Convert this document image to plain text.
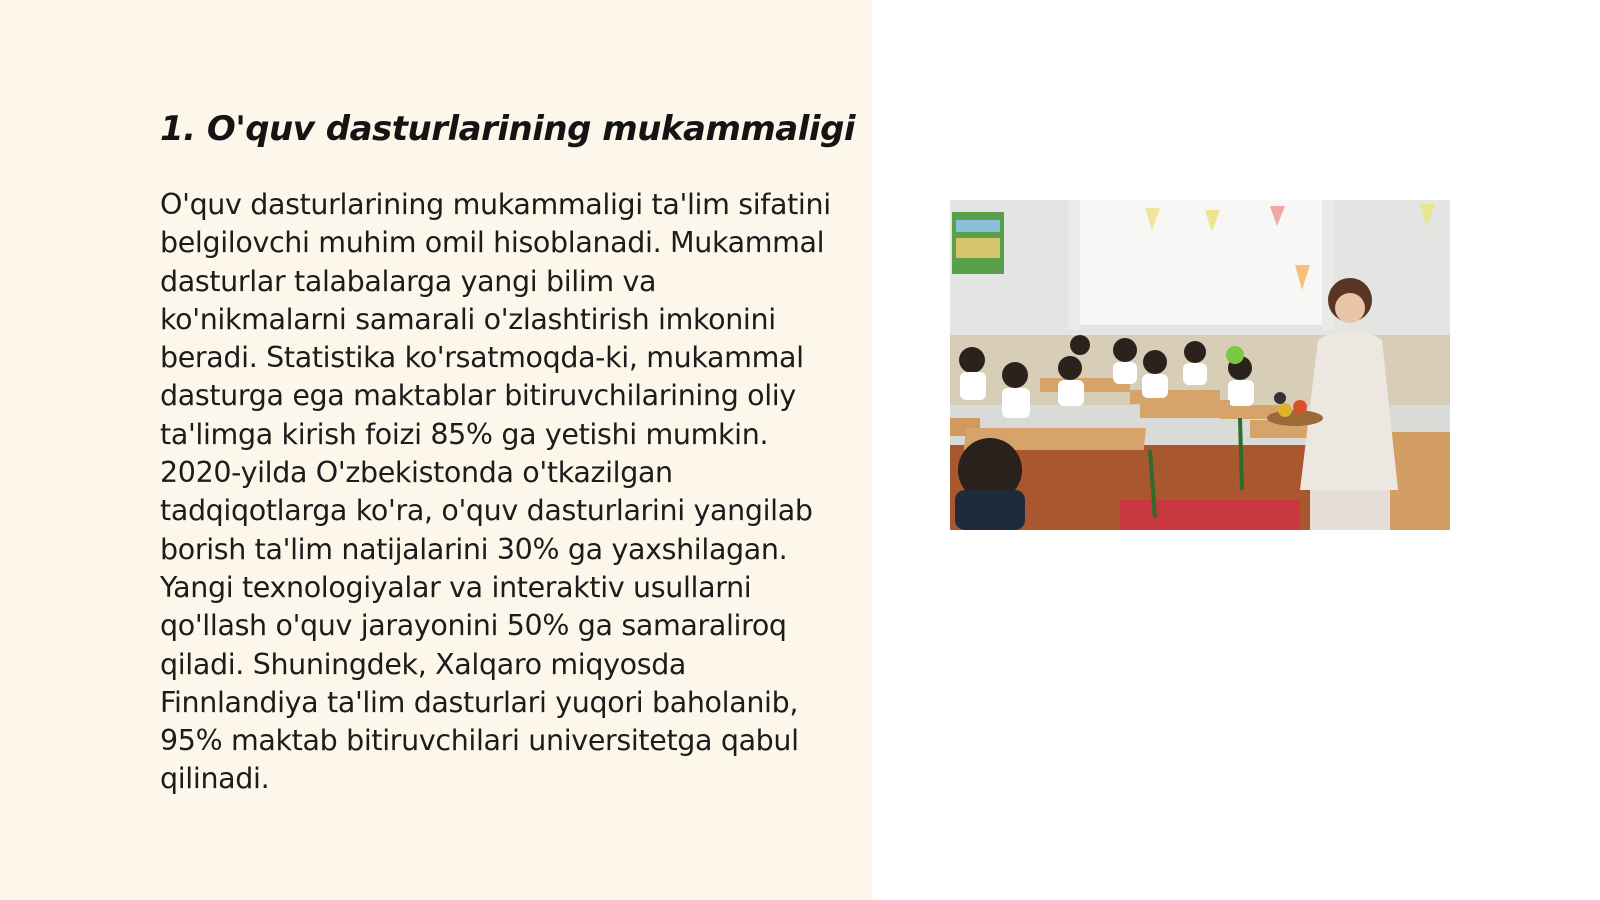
1. O'quv dasturlarining mukammaligi

O'quv dasturlarining mukammaligi ta'lim sifatini belgilovchi muhim omil hisoblanadi. Mukammal dasturlar talabalarga yangi bilim va ko'nikmalarni samarali o'zlashtirish imkonini beradi. Statistika ko'rsatmoqda-ki, mukammal dasturga ega maktablar bitiruvchilarining oliy ta'limga kirish foizi 85% ga yetishi mumkin. 2020-yilda O'zbekistonda o'tkazilgan tadqiqotlarga ko'ra, o'quv dasturlarini yangilab borish ta'lim natijalarini 30% ga yaxshilagan. Yangi texnologiyalar va interaktiv usullarni qo'llash o'quv jarayonini 50% ga samaraliroq qiladi. Shuningdek, Xalqaro miqyosda Finnlandiya ta'lim dasturlari yuqori baholanib, 95% maktab bitiruvchilari universitetga qabul qilinadi.
